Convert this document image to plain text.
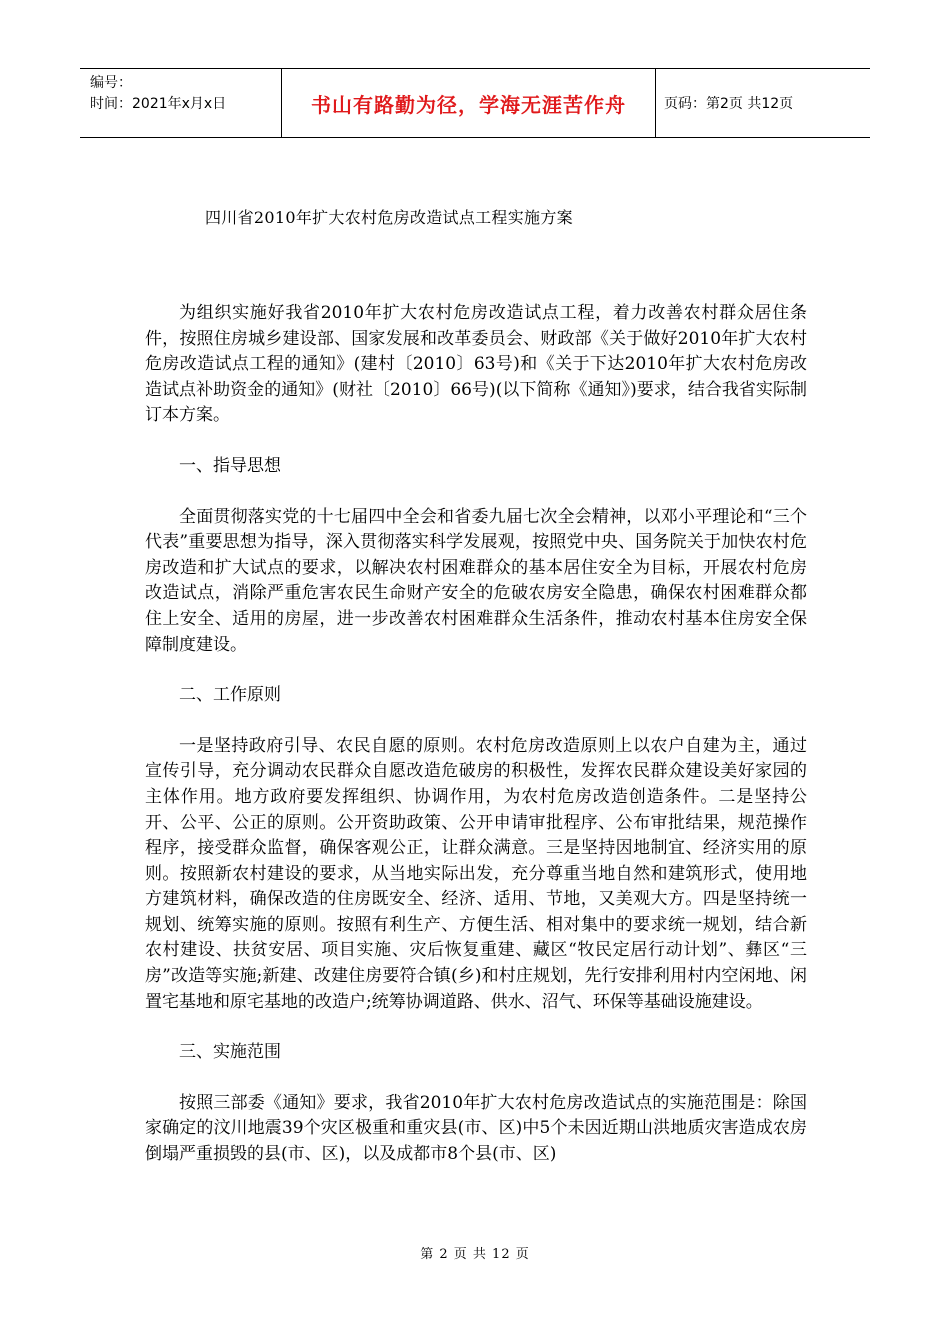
编号：
时间：2021年x月x日	书山有路勤为径，学海无涯苦作舟	页码：第2页 共12页
四川省2010年扩大农村危房改造试点工程实施方案

为组织实施好我省2010年扩大农村危房改造试点工程，着力改善农村群众居住条件，按照住房城乡建设部、国家发展和改革委员会、财政部《关于做好2010年扩大农村危房改造试点工程的通知》(建村〔2010〕63号)和《关于下达2010年扩大农村危房改造试点补助资金的通知》(财社〔2010〕66号)(以下简称《通知》)要求，结合我省实际制订本方案。

一、指导思想

全面贯彻落实党的十七届四中全会和省委九届七次全会精神，以邓小平理论和“三个代表”重要思想为指导，深入贯彻落实科学发展观，按照党中央、国务院关于加快农村危房改造和扩大试点的要求，以解决农村困难群众的基本居住安全为目标，开展农村危房改造试点，消除严重危害农民生命财产安全的危破农房安全隐患，确保农村困难群众都住上安全、适用的房屋，进一步改善农村困难群众生活条件，推动农村基本住房安全保障制度建设。

二、工作原则

一是坚持政府引导、农民自愿的原则。农村危房改造原则上以农户自建为主，通过宣传引导，充分调动农民群众自愿改造危破房的积极性，发挥农民群众建设美好家园的主体作用。地方政府要发挥组织、协调作用，为农村危房改造创造条件。二是坚持公开、公平、公正的原则。公开资助政策、公开申请审批程序、公布审批结果，规范操作程序，接受群众监督，确保客观公正，让群众满意。三是坚持因地制宜、经济实用的原则。按照新农村建设的要求，从当地实际出发，充分尊重当地自然和建筑形式，使用地方建筑材料，确保改造的住房既安全、经济、适用、节地，又美观大方。四是坚持统一规划、统筹实施的原则。按照有利生产、方便生活、相对集中的要求统一规划，结合新农村建设、扶贫安居、项目实施、灾后恢复重建、藏区“牧民定居行动计划”、彝区“三房”改造等实施;新建、改建住房要符合镇(乡)和村庄规划，先行安排利用村内空闲地、闲置宅基地和原宅基地的改造户;统筹协调道路、供水、沼气、环保等基础设施建设。

三、实施范围

按照三部委《通知》要求，我省2010年扩大农村危房改造试点的实施范围是：除国家确定的汶川地震39个灾区极重和重灾县(市、区)中5个未因近期山洪地质灾害造成农房倒塌严重损毁的县(市、区)，以及成都市8个县(市、区)

第 2 页 共 12 页
